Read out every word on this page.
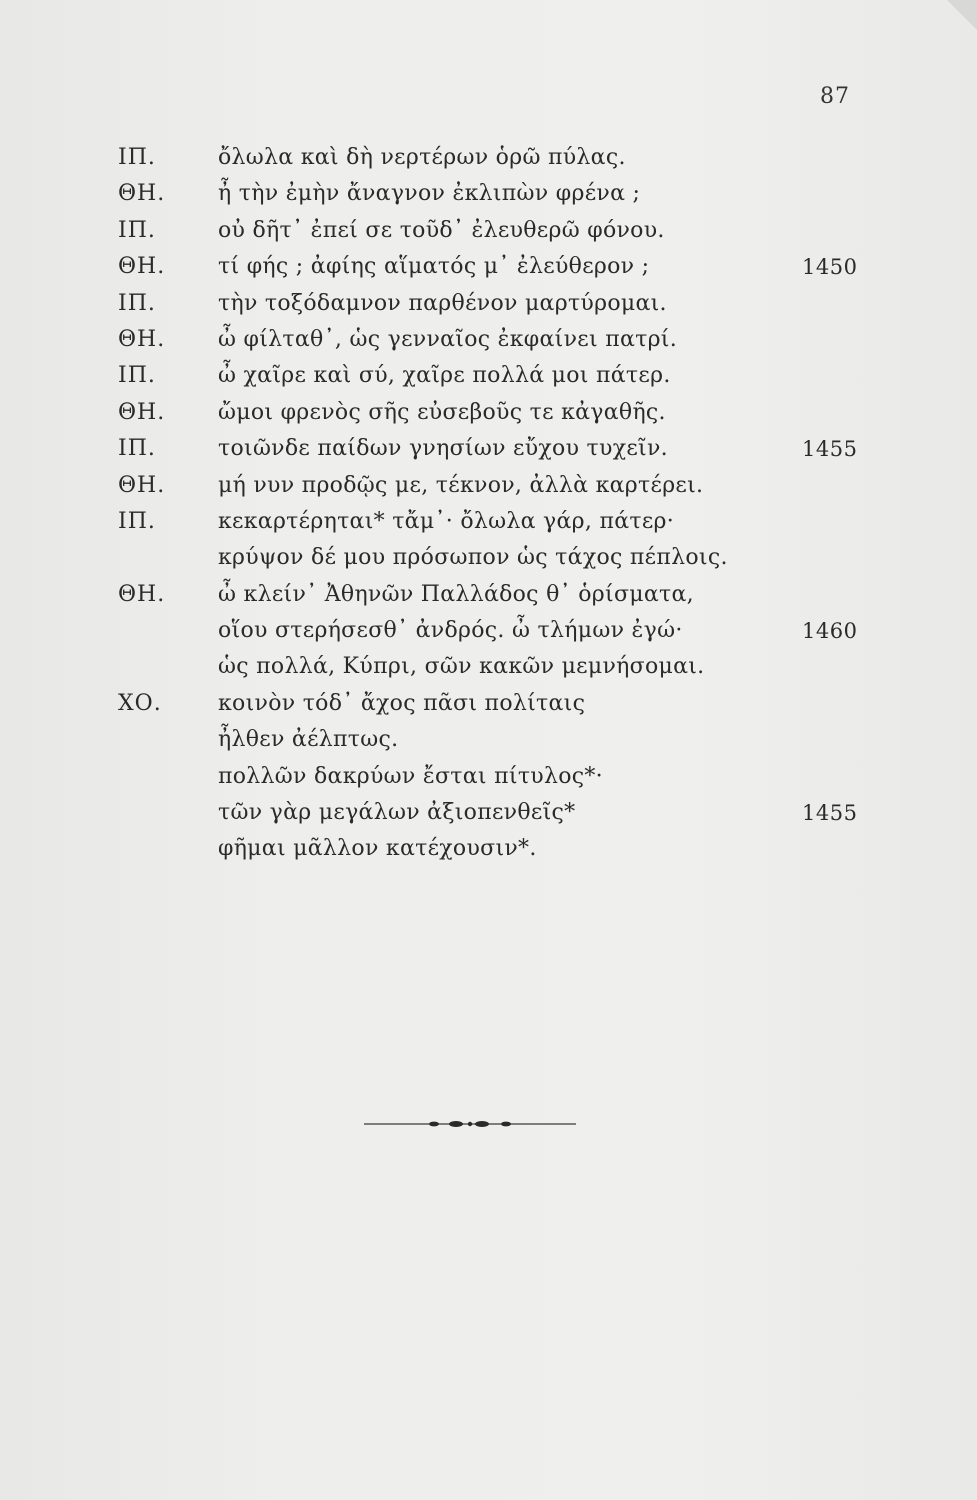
87
ΙΠ.	ὄλωλα καὶ δὴ νερτέρων ὁρῶ πύλας.
ΘΗ. ἦ τὴν ἐμὴν ἄναγνον ἐκλιπὼν φρένα ;
ΙΠ.	οὐ δῆτ᾽ ἐπεί σε τοῦδ᾽ ἐλευθερῶ φόνου.
ΘΗ. τί φής ; ἀφίης αἵματός μ᾽ ἐλεύθερον ;	1450
ΙΠ.	τὴν τοξόδαμνον παρθένον μαρτύρομαι.
ΘΗ. ὦ φίλταθ᾽, ὡς γενναῖος ἐκφαίνει πατρί.
ΙΠ.	ὦ χαῖρε καὶ σύ, χαῖρε πολλά μοι πάτερ.
ΘΗ. ὤμοι φρενὸς σῆς εὐσεβοῦς τε κἀγαθῆς.
ΙΠ.	τοιῶνδε παίδων γνησίων εὔχου τυχεῖν.	1455
ΘΗ. μή νυν προδῷς με, τέκνον, ἀλλὰ καρτέρει.
ΙΠ.	κεκαρτέρηται* τἄμ᾽· ὄλωλα γάρ, πάτερ·
κρύψον δέ μου πρόσωπον ὡς τάχος πέπλοις.
ΘΗ. ὦ κλείν᾽ Ἀθηνῶν Παλλάδος θ᾽ ὁρίσματα,
οἵου στερήσεσθ᾽ ἀνδρός. ὦ τλήμων ἐγώ·	1460
ὡς πολλά, Κύπρι, σῶν κακῶν μεμνήσομαι.
ΧΟ.	κοινὸν τόδ᾽ ἄχος πᾶσι πολίταις
ἦλθεν ἀέλπτως.
πολλῶν δακρύων ἔσται πίτυλος*·
τῶν γὰρ μεγάλων ἀξιοπενθεῖς*	1455
φῆμαι μᾶλλον κατέχουσιν*.
